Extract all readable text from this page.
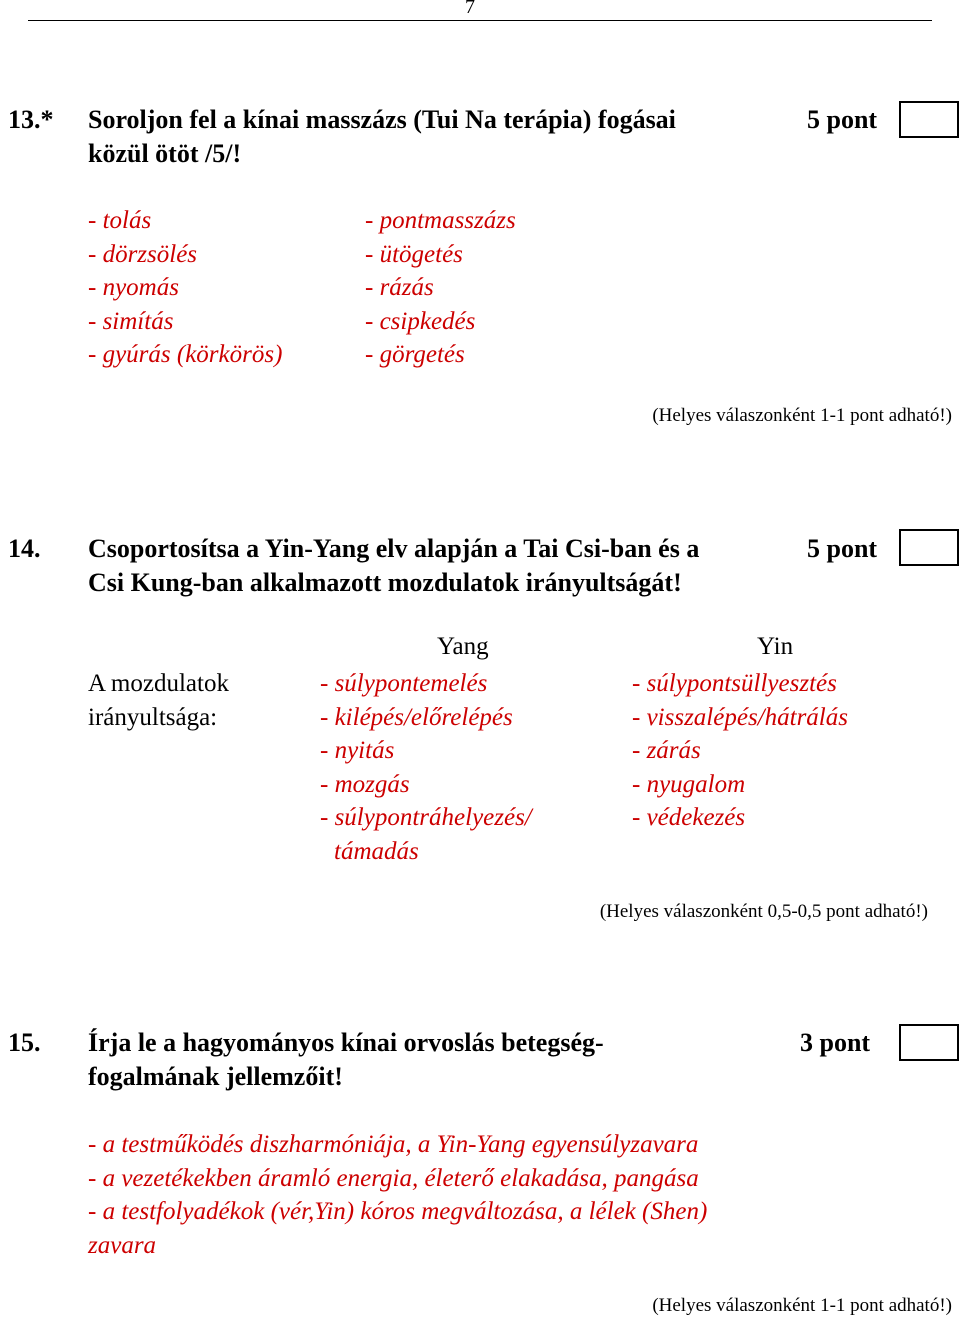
7
13.* Soroljon fel a kínai masszázs (Tui Na terápia) fogásai
közül ötöt /5/!
5 pont
- tolás
- dörzsölés
- nyomás
- simítás
- gyúrás (körkörös)
- pontmasszázs
- ütögetés
- rázás
- csipkedés
- görgetés
(Helyes válaszonként 1-1 pont adható!)
14. Csoportosítsa a Yin-Yang elv alapján a Tai Csi-ban és a
Csi Kung-ban alkalmazott mozdulatok irányultságát!
5 pont
Yang	Yin
A mozdulatok
irányultsága:
- súlypontemelés
- kilépés/előrelépés
- nyitás
- mozgás
- súlypontráhelyezés/
támadás
- súlypontsüllyesztés
- visszalépés/hátrálás
- zárás
- nyugalom
- védekezés
(Helyes válaszonként 0,5-0,5 pont adható!)
15. Írja le a hagyományos kínai orvoslás betegség-
fogalmának jellemzőit!
3 pont
- a testműködés diszharmóniája, a Yin-Yang egyensúlyzavara
- a vezetékekben áramló energia, életerő elakadása, pangása
- a testfolyadékok (vér,Yin) kóros megváltozása, a lélek (Shen)
zavara
(Helyes válaszonként 1-1 pont adható!)
